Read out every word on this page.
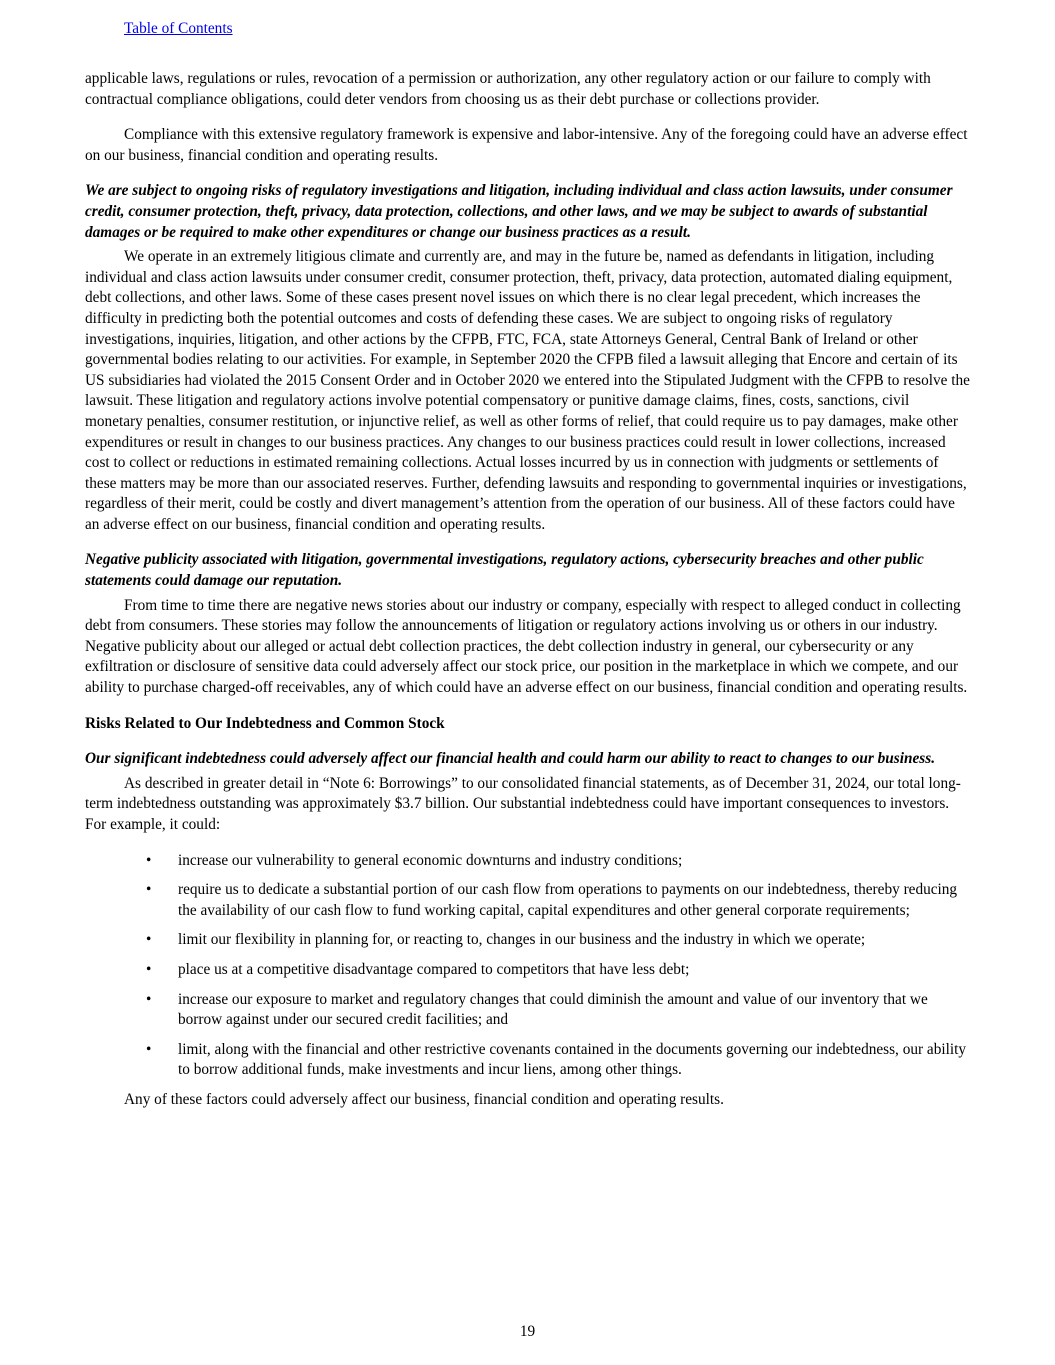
Table of Contents

applicable laws, regulations or rules, revocation of a permission or authorization, any other regulatory action or our failure to comply with contractual compliance obligations, could deter vendors from choosing us as their debt purchase or collections provider.

Compliance with this extensive regulatory framework is expensive and labor-intensive. Any of the foregoing could have an adverse effect on our business, financial condition and operating results.

We are subject to ongoing risks of regulatory investigations and litigation, including individual and class action lawsuits, under consumer credit, consumer protection, theft, privacy, data protection, collections, and other laws, and we may be subject to awards of substantial damages or be required to make other expenditures or change our business practices as a result.

We operate in an extremely litigious climate and currently are, and may in the future be, named as defendants in litigation, including individual and class action lawsuits under consumer credit, consumer protection, theft, privacy, data protection, automated dialing equipment, debt collections, and other laws. Some of these cases present novel issues on which there is no clear legal precedent, which increases the difficulty in predicting both the potential outcomes and costs of defending these cases. We are subject to ongoing risks of regulatory investigations, inquiries, litigation, and other actions by the CFPB, FTC, FCA, state Attorneys General, Central Bank of Ireland or other governmental bodies relating to our activities. For example, in September 2020 the CFPB filed a lawsuit alleging that Encore and certain of its US subsidiaries had violated the 2015 Consent Order and in October 2020 we entered into the Stipulated Judgment with the CFPB to resolve the lawsuit. These litigation and regulatory actions involve potential compensatory or punitive damage claims, fines, costs, sanctions, civil monetary penalties, consumer restitution, or injunctive relief, as well as other forms of relief, that could require us to pay damages, make other expenditures or result in changes to our business practices. Any changes to our business practices could result in lower collections, increased cost to collect or reductions in estimated remaining collections. Actual losses incurred by us in connection with judgments or settlements of these matters may be more than our associated reserves. Further, defending lawsuits and responding to governmental inquiries or investigations, regardless of their merit, could be costly and divert management’s attention from the operation of our business. All of these factors could have an adverse effect on our business, financial condition and operating results.

Negative publicity associated with litigation, governmental investigations, regulatory actions, cybersecurity breaches and other public statements could damage our reputation.

From time to time there are negative news stories about our industry or company, especially with respect to alleged conduct in collecting debt from consumers. These stories may follow the announcements of litigation or regulatory actions involving us or others in our industry. Negative publicity about our alleged or actual debt collection practices, the debt collection industry in general, our cybersecurity or any exfiltration or disclosure of sensitive data could adversely affect our stock price, our position in the marketplace in which we compete, and our ability to purchase charged-off receivables, any of which could have an adverse effect on our business, financial condition and operating results.

Risks Related to Our Indebtedness and Common Stock

Our significant indebtedness could adversely affect our financial health and could harm our ability to react to changes to our business.

As described in greater detail in “Note 6: Borrowings” to our consolidated financial statements, as of December 31, 2024, our total long-term indebtedness outstanding was approximately $3.7 billion. Our substantial indebtedness could have important consequences to investors. For example, it could:

• increase our vulnerability to general economic downturns and industry conditions;
• require us to dedicate a substantial portion of our cash flow from operations to payments on our indebtedness, thereby reducing the availability of our cash flow to fund working capital, capital expenditures and other general corporate requirements;
• limit our flexibility in planning for, or reacting to, changes in our business and the industry in which we operate;
• place us at a competitive disadvantage compared to competitors that have less debt;
• increase our exposure to market and regulatory changes that could diminish the amount and value of our inventory that we borrow against under our secured credit facilities; and
• limit, along with the financial and other restrictive covenants contained in the documents governing our indebtedness, our ability to borrow additional funds, make investments and incur liens, among other things.

Any of these factors could adversely affect our business, financial condition and operating results.

19
